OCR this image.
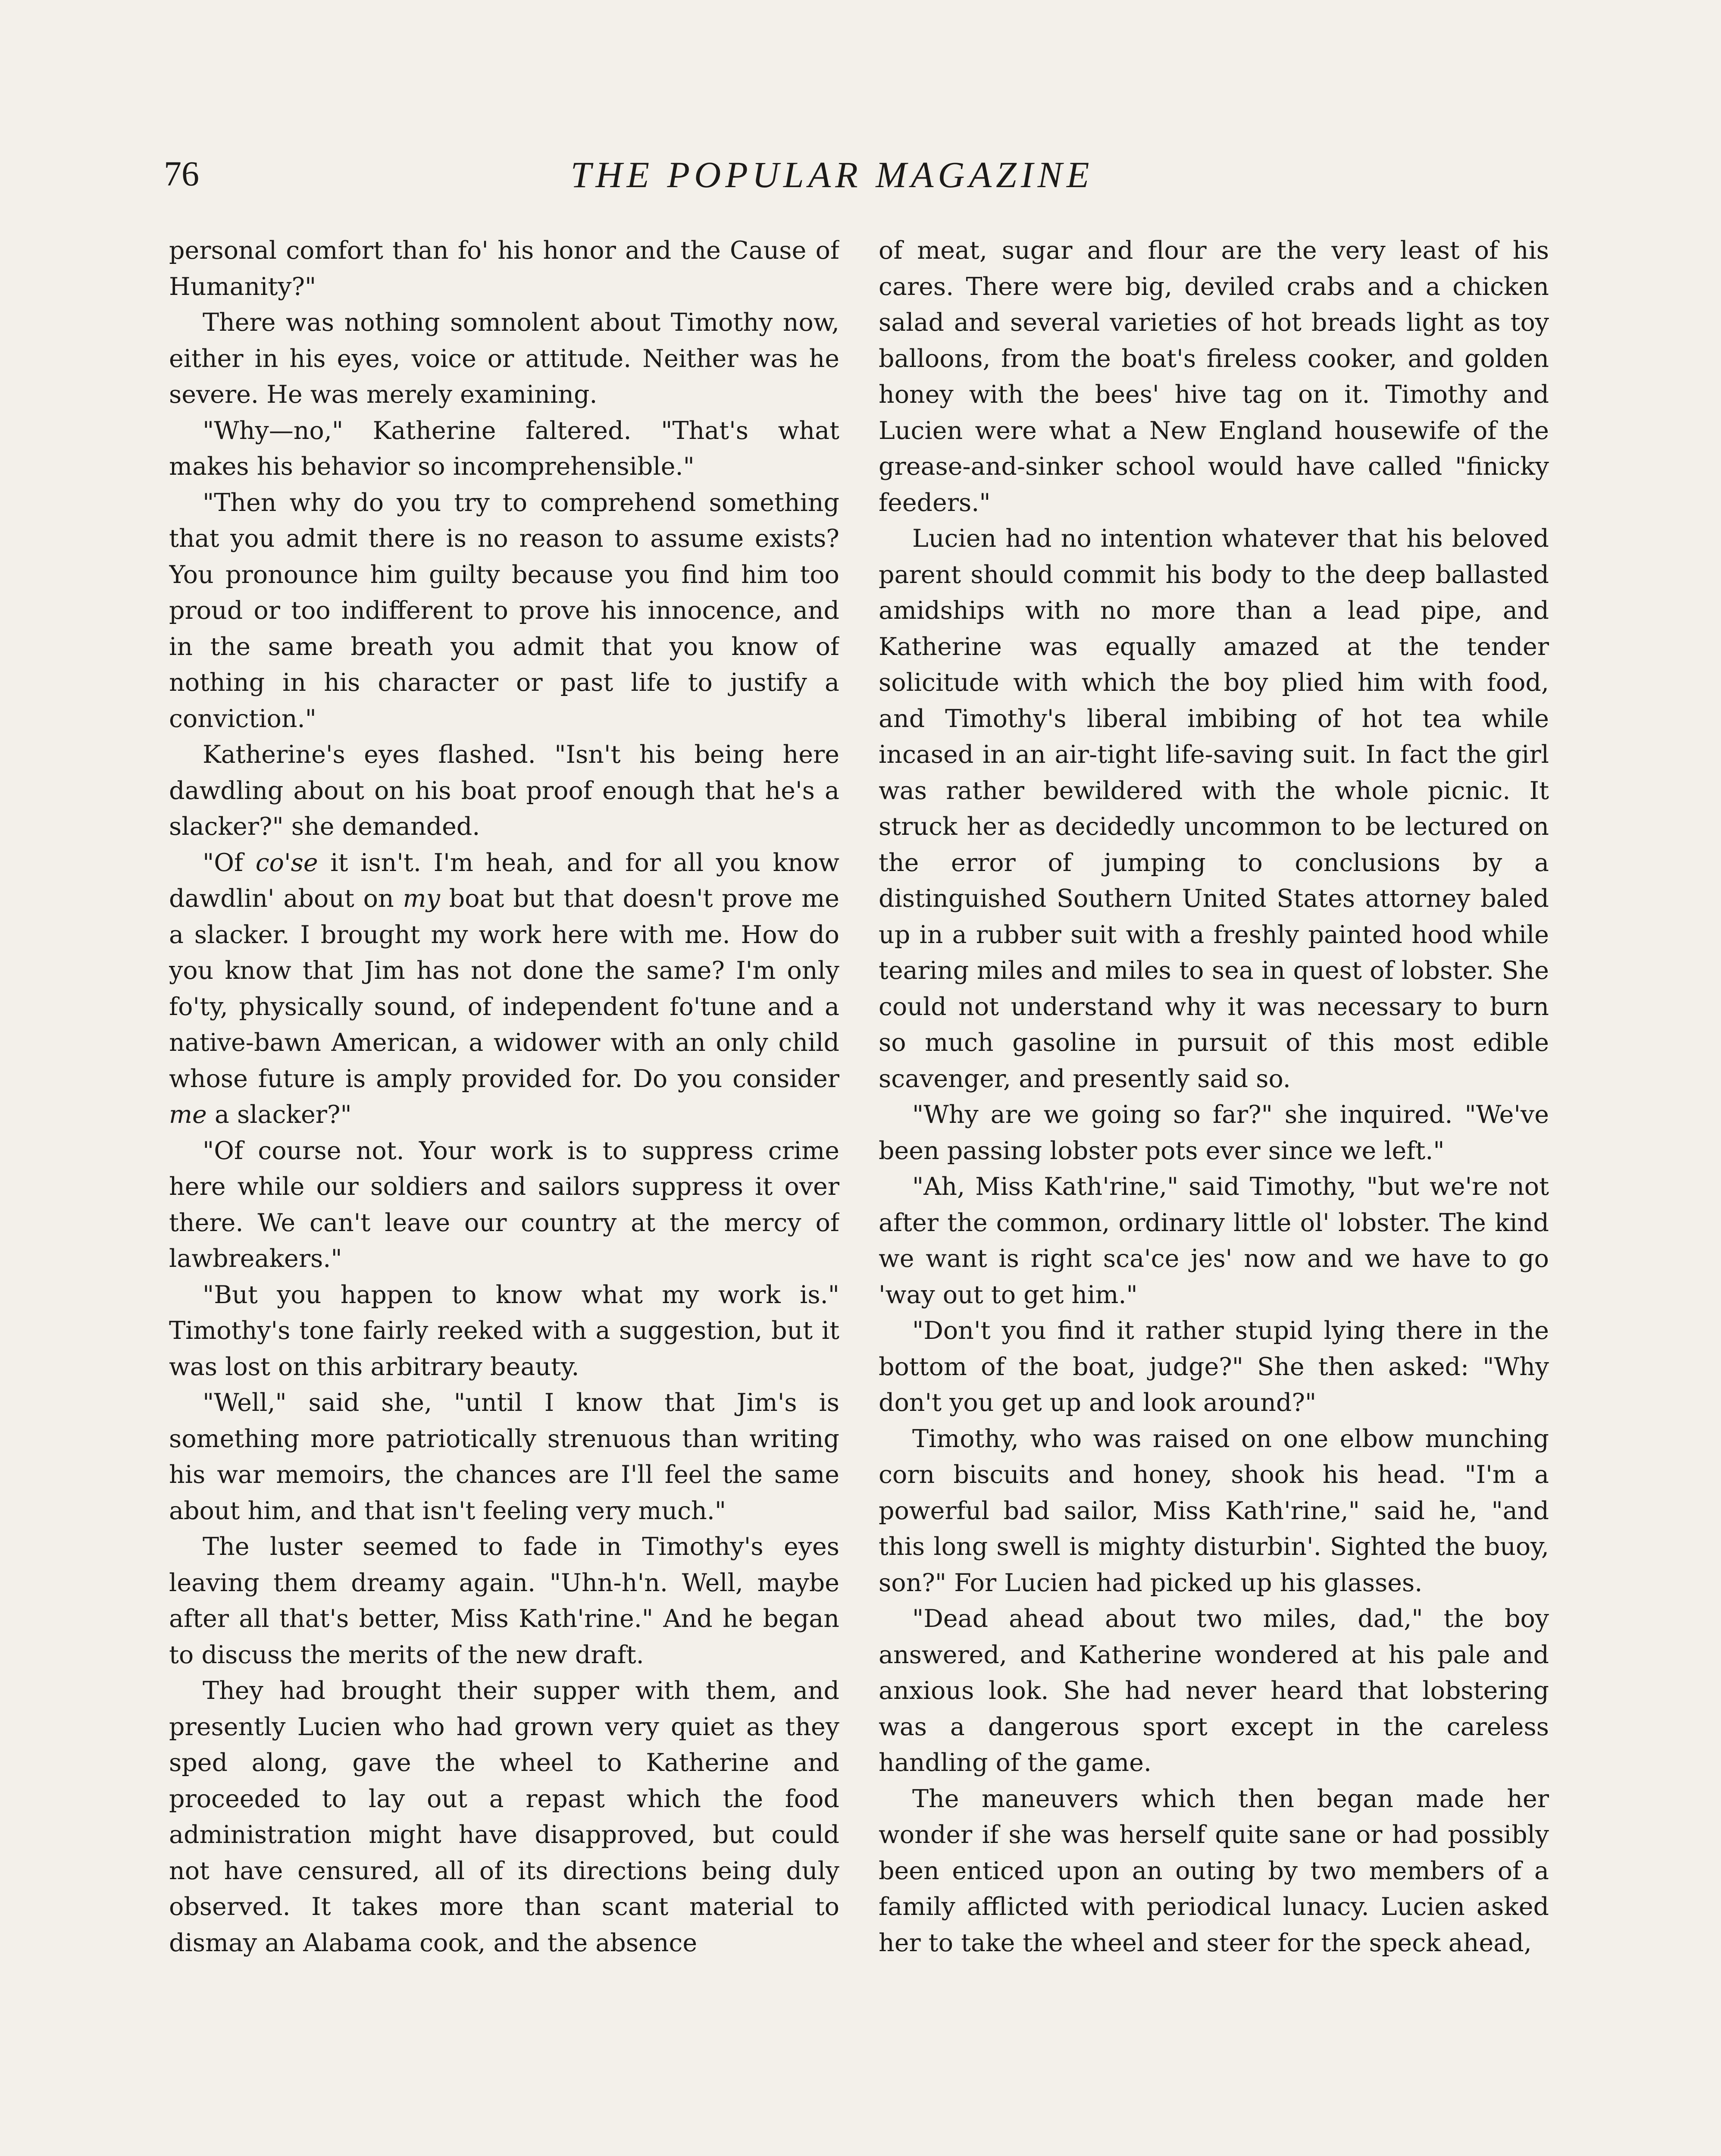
76	THE POPULAR MAGAZINE

personal comfort than fo' his honor and the Cause of Humanity?"

There was nothing somnolent about Timothy now, either in his eyes, voice or attitude. Neither was he severe. He was merely examining.

"Why—no," Katherine faltered. "That's what makes his behavior so incomprehensible."

"Then why do you try to comprehend something that you admit there is no reason to assume exists? You pronounce him guilty because you find him too proud or too indifferent to prove his innocence, and in the same breath you admit that you know of nothing in his character or past life to justify a conviction."

Katherine's eyes flashed. "Isn't his being here dawdling about on his boat proof enough that he's a slacker?" she demanded.

"Of co'se it isn't. I'm heah, and for all you know dawdlin' about on my boat but that doesn't prove me a slacker. I brought my work here with me. How do you know that Jim has not done the same? I'm only fo'ty, physically sound, of independent fo'tune and a native-bawn American, a widower with an only child whose future is amply provided for. Do you consider me a slacker?"

"Of course not. Your work is to suppress crime here while our soldiers and sailors suppress it over there. We can't leave our country at the mercy of lawbreakers."

"But you happen to know what my work is." Timothy's tone fairly reeked with a suggestion, but it was lost on this arbitrary beauty.

"Well," said she, "until I know that Jim's is something more patriotically strenuous than writing his war memoirs, the chances are I'll feel the same about him, and that isn't feeling very much."

The luster seemed to fade in Timothy's eyes leaving them dreamy again. "Uhn-h'n. Well, maybe after all that's better, Miss Kath'rine." And he began to discuss the merits of the new draft.

They had brought their supper with them, and presently Lucien who had grown very quiet as they sped along, gave the wheel to Katherine and proceeded to lay out a repast which the food administration might have disapproved, but could not have censured, all of its directions being duly observed. It takes more than scant material to dismay an Alabama cook, and the absence

of meat, sugar and flour are the very least of his cares. There were big, deviled crabs and a chicken salad and several varieties of hot breads light as toy balloons, from the boat's fireless cooker, and golden honey with the bees' hive tag on it. Timothy and Lucien were what a New England housewife of the grease-and-sinker school would have called "finicky feeders."

Lucien had no intention whatever that his beloved parent should commit his body to the deep ballasted amidships with no more than a lead pipe, and Katherine was equally amazed at the tender solicitude with which the boy plied him with food, and Timothy's liberal imbibing of hot tea while incased in an air-tight life-saving suit. In fact the girl was rather bewildered with the whole picnic. It struck her as decidedly uncommon to be lectured on the error of jumping to conclusions by a distinguished Southern United States attorney baled up in a rubber suit with a freshly painted hood while tearing miles and miles to sea in quest of lobster. She could not understand why it was necessary to burn so much gasoline in pursuit of this most edible scavenger, and presently said so.

"Why are we going so far?" she inquired. "We've been passing lobster pots ever since we left."

"Ah, Miss Kath'rine," said Timothy, "but we're not after the common, ordinary little ol' lobster. The kind we want is right sca'ce jes' now and we have to go 'way out to get him."

"Don't you find it rather stupid lying there in the bottom of the boat, judge?" She then asked: "Why don't you get up and look around?"

Timothy, who was raised on one elbow munching corn biscuits and honey, shook his head. "I'm a powerful bad sailor, Miss Kath'rine," said he, "and this long swell is mighty disturbin'. Sighted the buoy, son?" For Lucien had picked up his glasses.

"Dead ahead about two miles, dad," the boy answered, and Katherine wondered at his pale and anxious look. She had never heard that lobstering was a dangerous sport except in the careless handling of the game.

The maneuvers which then began made her wonder if she was herself quite sane or had possibly been enticed upon an outing by two members of a family afflicted with periodical lunacy. Lucien asked her to take the wheel and steer for the speck ahead,
